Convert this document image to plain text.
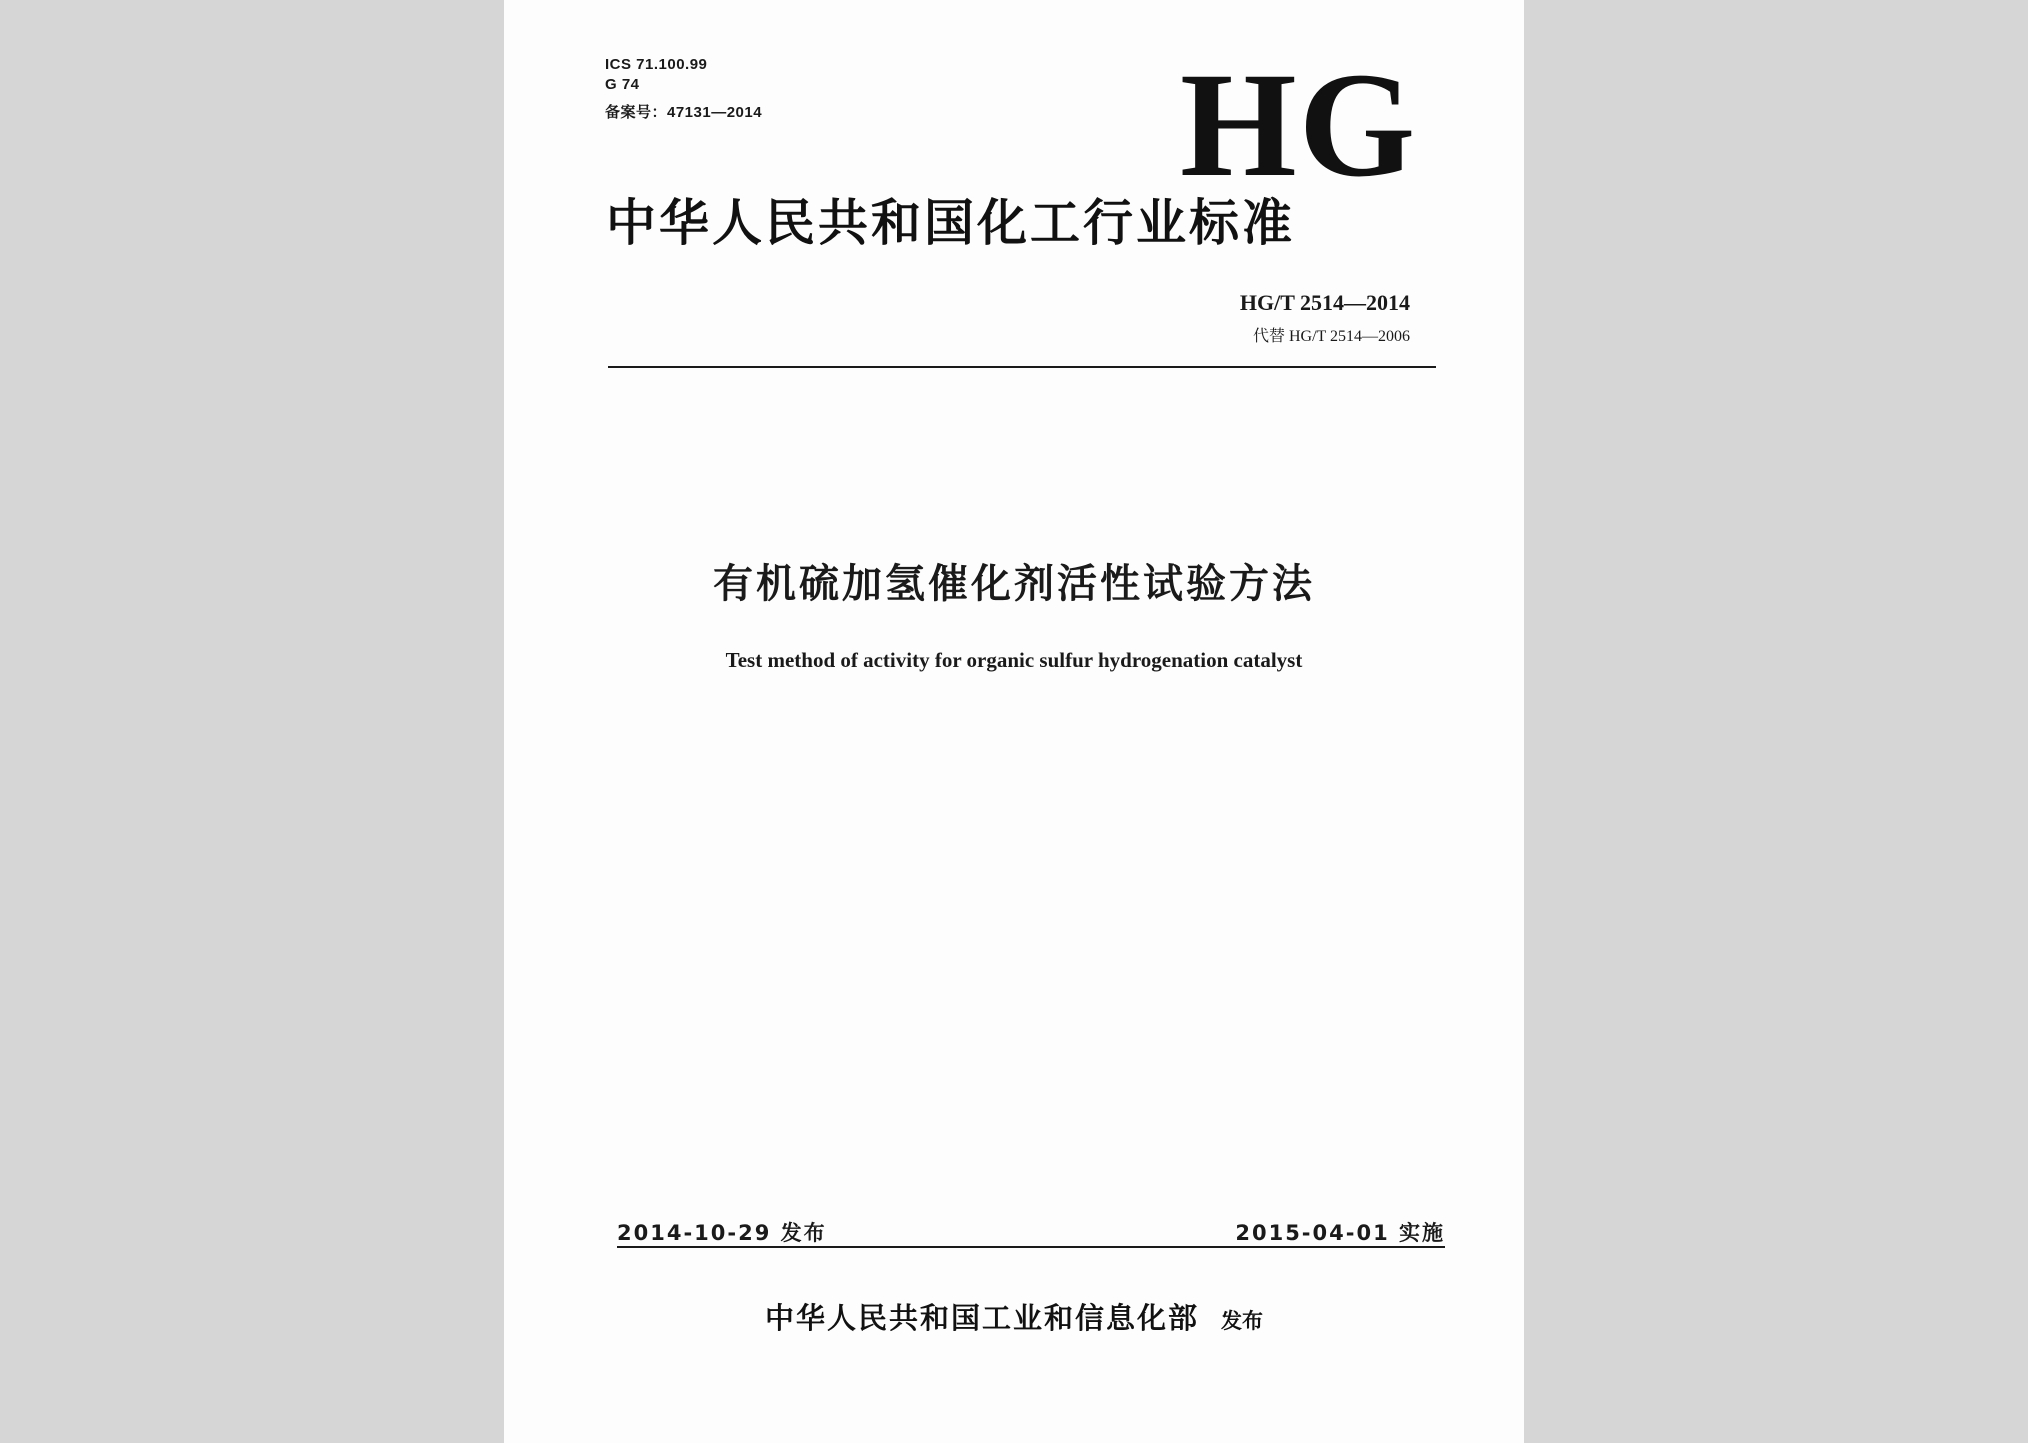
ICS 71.100.99
G 74
备案号：47131—2014	HG
中华人民共和国化工行业标准
HG/T 2514—2014
代替 HG/T 2514—2006
有机硫加氢催化剂活性试验方法
Test method of activity for organic sulfur hydrogenation catalyst
2014-10-29 发布	2015-04-01 实施
中华人民共和国工业和信息化部 发布
